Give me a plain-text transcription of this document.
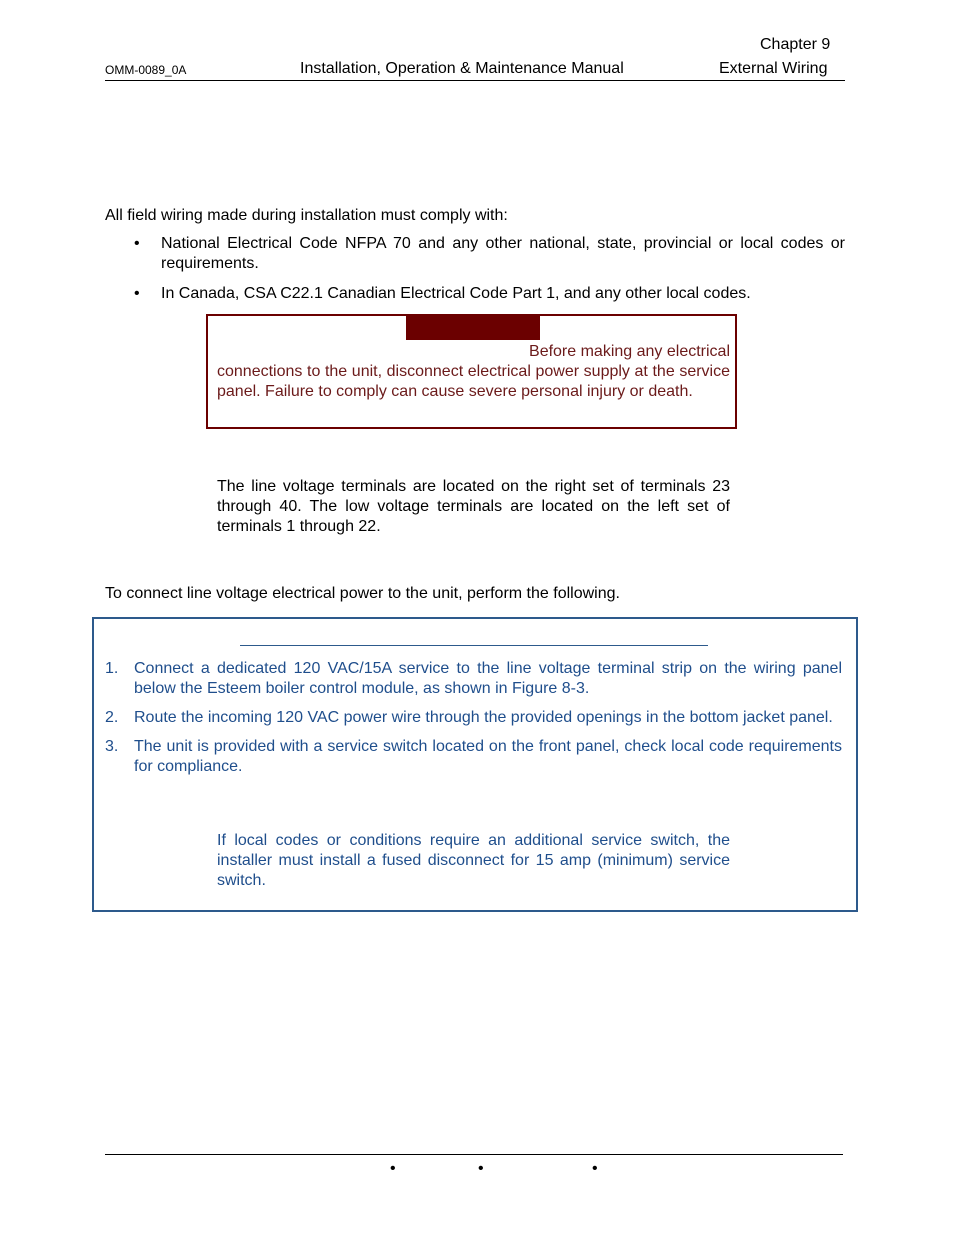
OMM-0089_0A	Installation, Operation & Maintenance Manual
Chapter 9
External Wiring
All field wiring made during installation must comply with:
• National Electrical Code NFPA 70 and any other national, state, provincial or local codes or requirements.
• In Canada, CSA C22.1 Canadian Electrical Code Part 1, and any other local codes.
Before making any electrical
connections to the unit, disconnect electrical power supply at the service panel. Failure to comply can cause severe personal injury or death.
The line voltage terminals are located on the right set of terminals 23 through 40. The low voltage terminals are located on the left set of terminals 1 through 22.
To connect line voltage electrical power to the unit, perform the following.
1. Connect a dedicated 120 VAC/15A service to the line voltage terminal strip on the wiring panel below the Esteem boiler control module, as shown in Figure 8-3.
2. Route the incoming 120 VAC power wire through the provided openings in the bottom jacket panel.
3. The unit is provided with a service switch located on the front panel, check local code requirements for compliance.
If local codes or conditions require an additional service switch, the installer must install a fused disconnect for 15 amp (minimum) service switch.
•	•	•
